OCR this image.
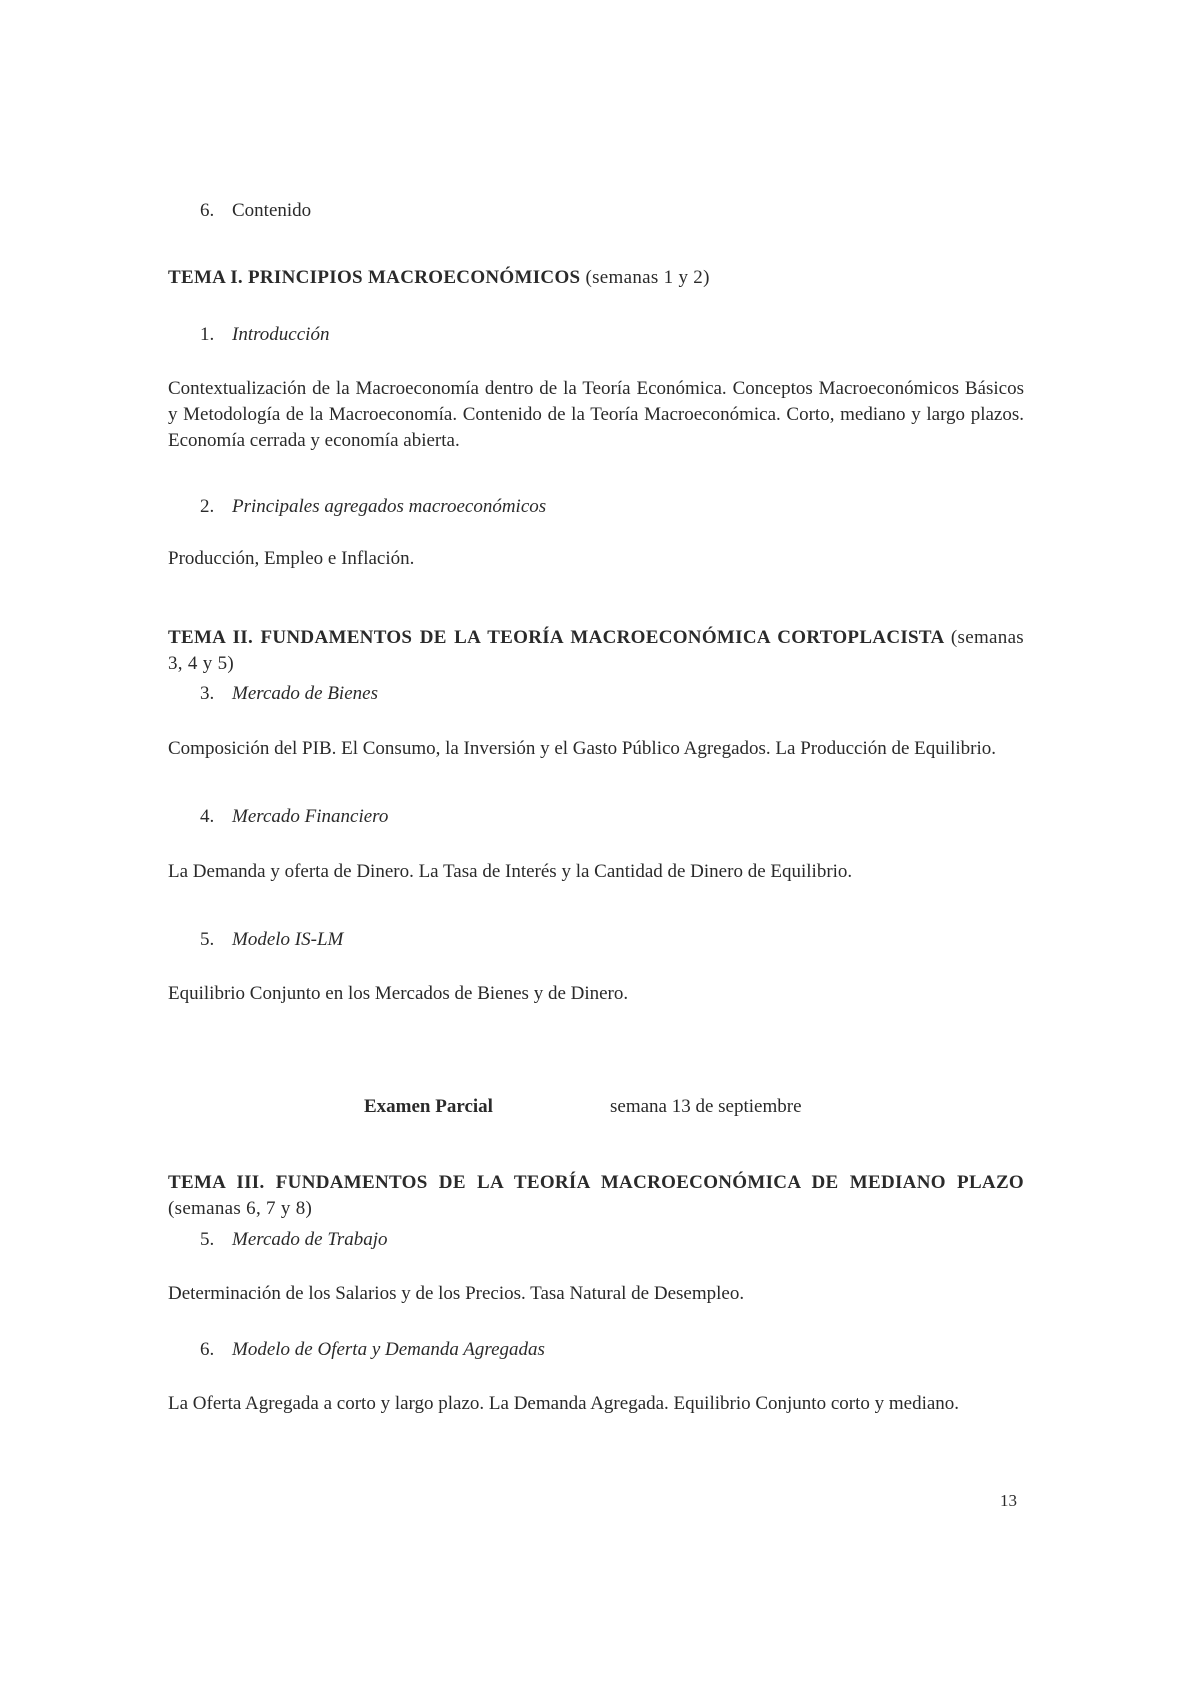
6. Contenido

TEMA I. PRINCIPIOS MACROECONÓMICOS (semanas 1 y 2)

1. Introducción

Contextualización de la Macroeconomía dentro de la Teoría Económica. Conceptos Macroeconómicos Básicos y Metodología de la Macroeconomía. Contenido de la Teoría Macroeconómica. Corto, mediano y largo plazos. Economía cerrada y economía abierta.

2. Principales agregados macroeconómicos

Producción, Empleo e Inflación.

TEMA II. FUNDAMENTOS DE LA TEORÍA MACROECONÓMICA CORTOPLACISTA (semanas 3, 4 y 5)

3. Mercado de Bienes

Composición del PIB. El Consumo, la Inversión y el Gasto Público Agregados. La Producción de Equilibrio.

4. Mercado Financiero

La Demanda y oferta de Dinero. La Tasa de Interés y la Cantidad de Dinero de Equilibrio.

5. Modelo IS-LM

Equilibrio Conjunto en los Mercados de Bienes y de Dinero.

Examen Parcial	semana 13 de septiembre

TEMA III. FUNDAMENTOS DE LA TEORÍA MACROECONÓMICA DE MEDIANO PLAZO (semanas 6, 7 y 8)

5. Mercado de Trabajo

Determinación de los Salarios y de los Precios. Tasa Natural de Desempleo.

6. Modelo de Oferta y Demanda Agregadas

La Oferta Agregada a corto y largo plazo. La Demanda Agregada. Equilibrio Conjunto corto y mediano.

13
